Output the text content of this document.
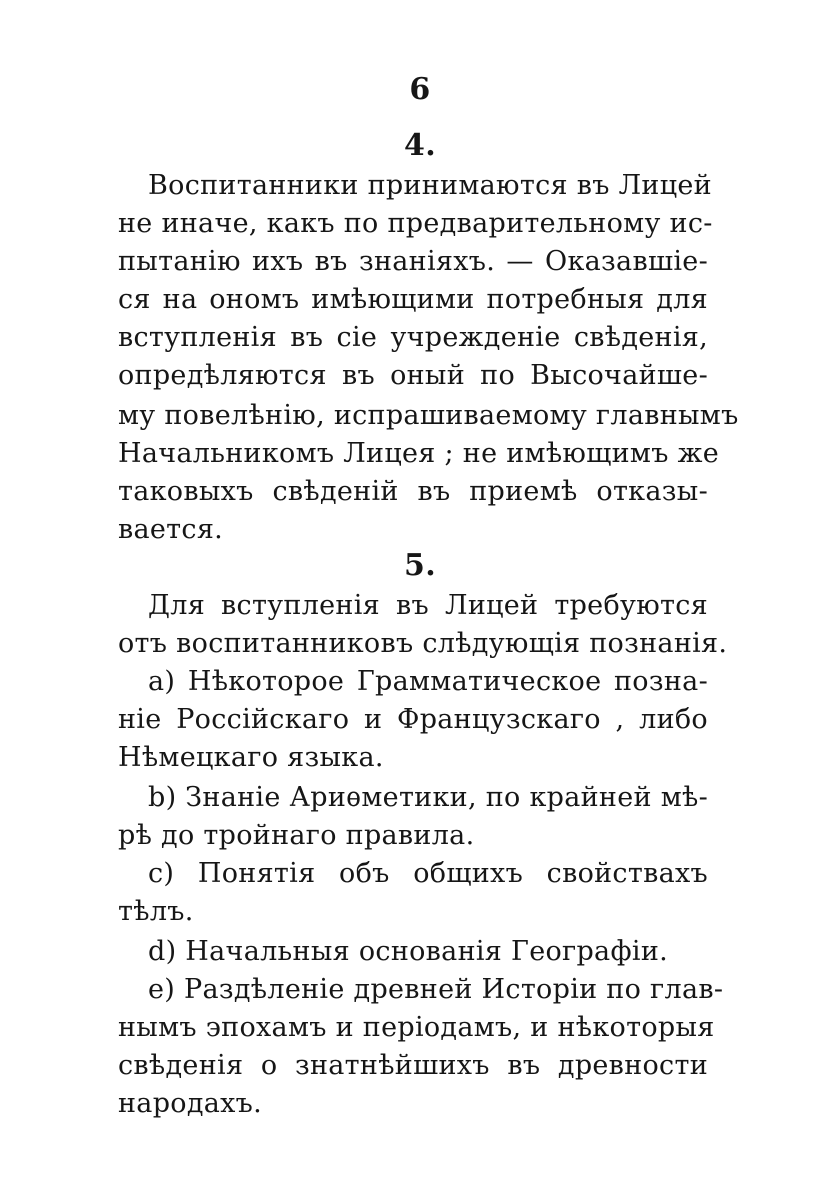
6
4.
Воспитанники принимаются въ Лицей
не иначе, какъ по предварительному ис-
пытанію ихъ въ знаніяхъ. — Оказавшіе-
ся на ономъ имѣющими потребныя для
вступленія въ сіе учрежденіе свѣденія,
опредѣляются въ оный по Высочайше-
му повелѣнію, испрашиваемому главнымъ
Начальникомъ Лицея ; не имѣющимъ же
таковыхъ свѣденій въ приемѣ отказы-
вается.
5.
Для вступленія въ Лицей требуются
отъ воспитанниковъ слѣдующія познанія.
a) Нѣкоторое Грамматическое позна-
ніе Россійскаго и Французскаго , либо
Нѣмецкаго языка.
b) Знаніе Ариѳметики, по крайней мѣ-
рѣ до тройнаго правила.
c) Понятія объ общихъ свойствахъ
тѣлъ.
d) Начальныя основанія Географіи.
e) Раздѣленіе древней Исторіи по глав-
нымъ эпохамъ и періодамъ, и нѣкоторыя
свѣденія о знатнѣйшихъ въ древности
народахъ.
